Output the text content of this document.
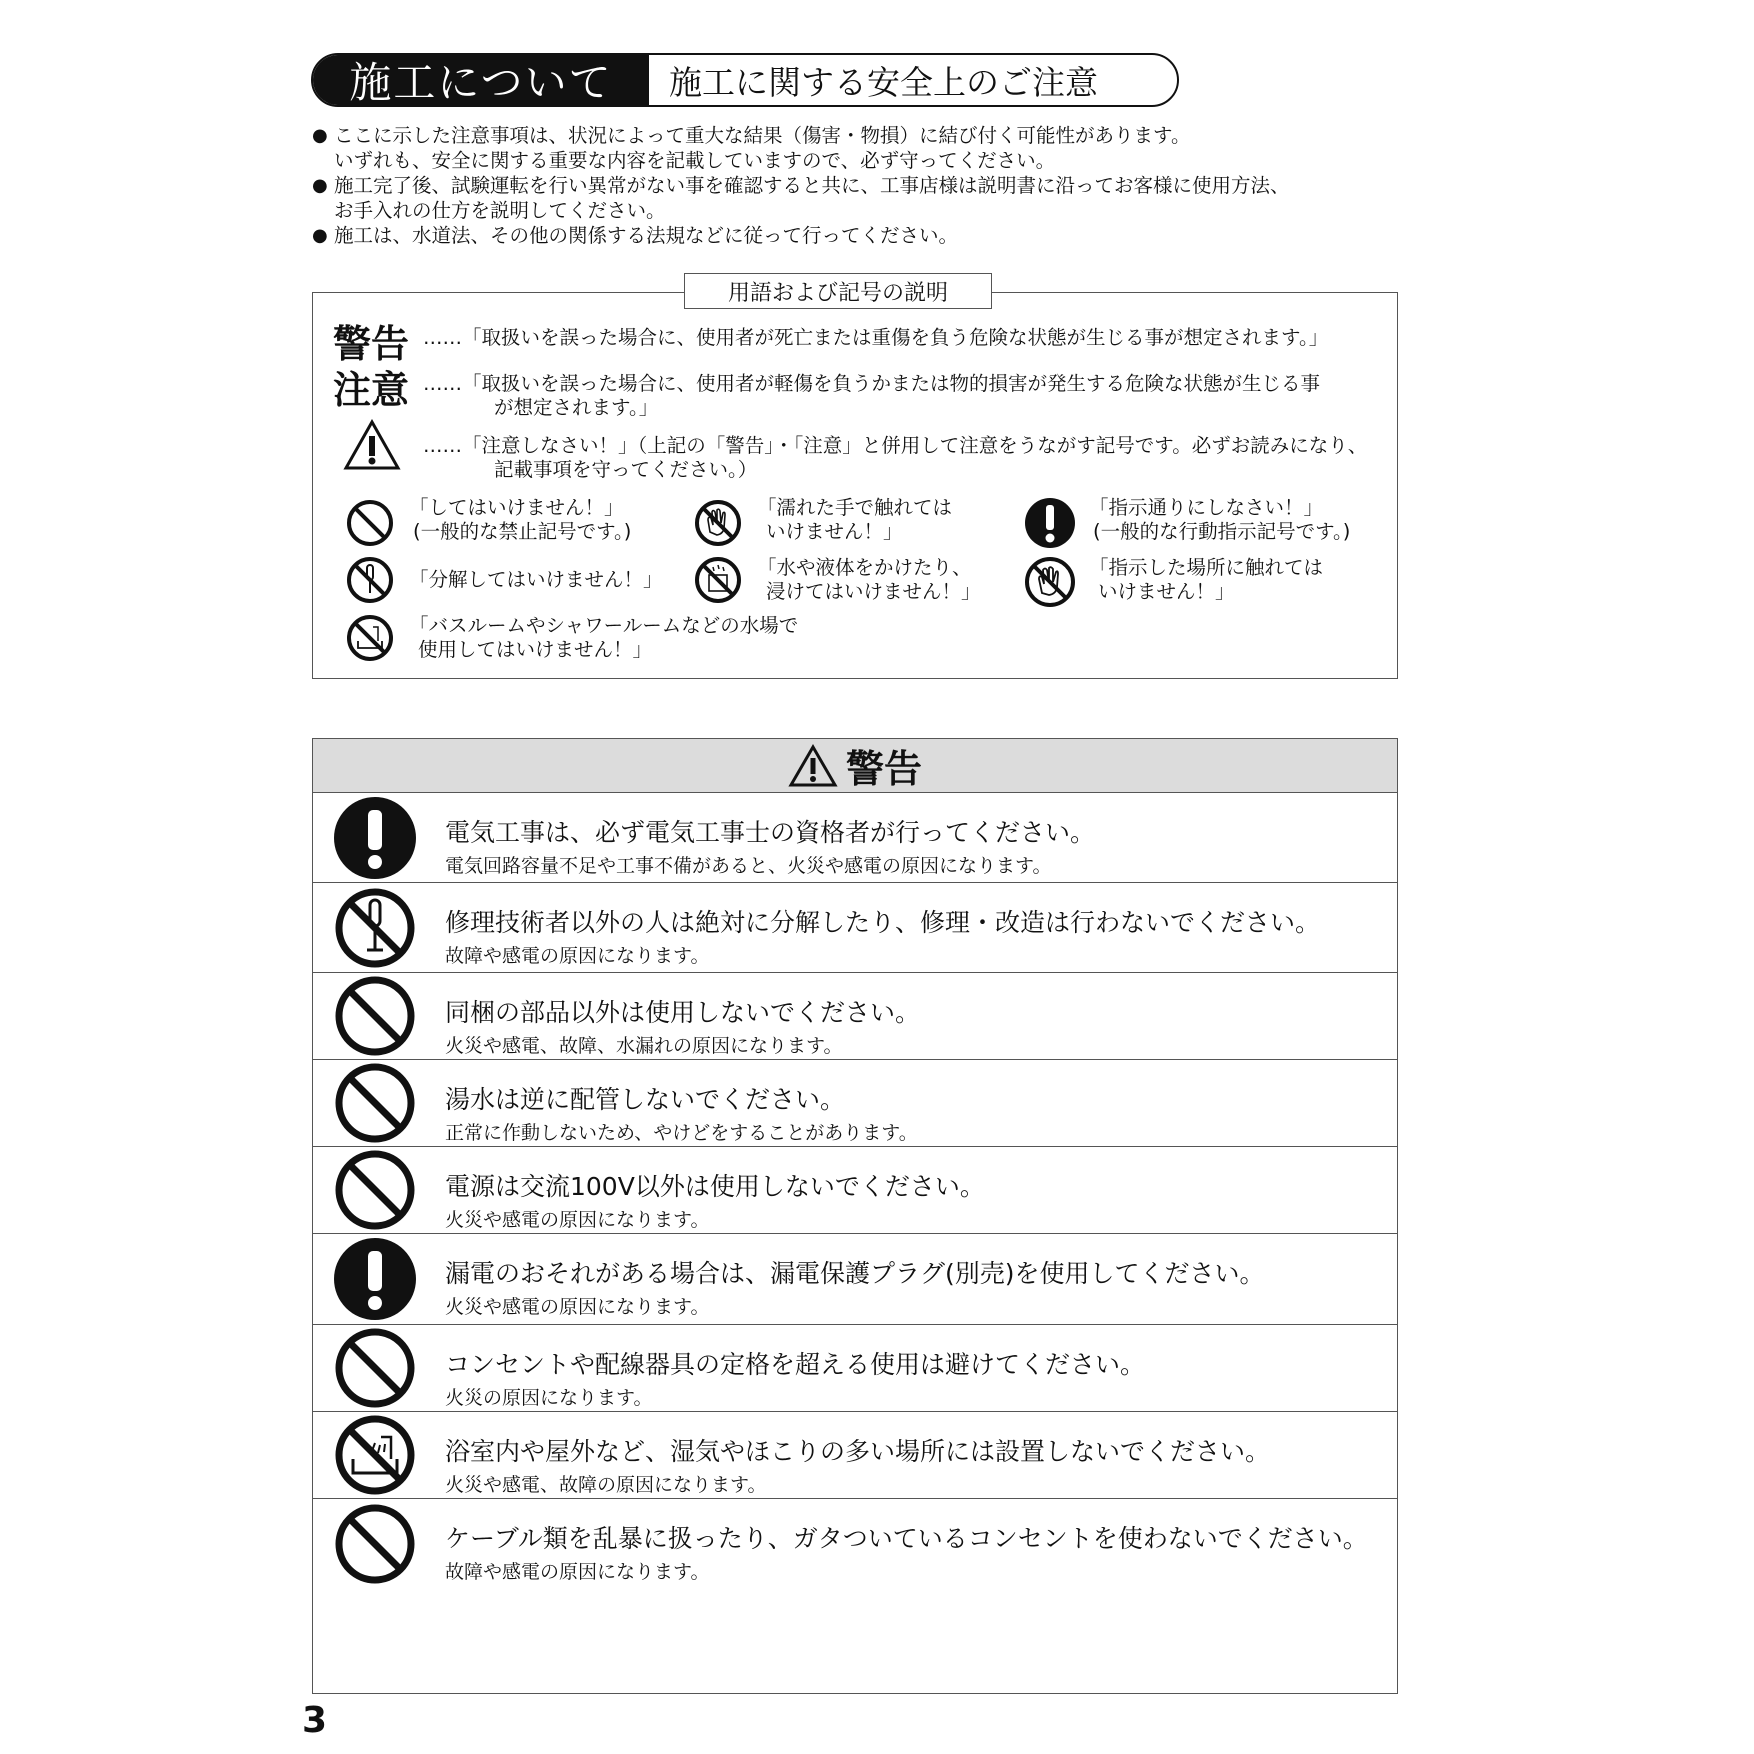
施工について	施工に関する安全上のご注意
● ここに示した注意事項は、状況によって重大な結果（傷害・物損）に結び付く可能性があります。
いずれも、安全に関する重要な内容を記載していますので、必ず守ってください。
● 施工完了後、試験運転を行い異常がない事を確認すると共に、工事店様は説明書に沿ってお客様に使用方法、
お手入れの仕方を説明してください。
● 施工は、水道法、その他の関係する法規などに従って行ってください。
用語および記号の説明
警告 ……「取扱いを誤った場合に、使用者が死亡または重傷を負う危険な状態が生じる事が想定されます。」
注意 ……「取扱いを誤った場合に、使用者が軽傷を負うかまたは物的損害が発生する危険な状態が生じる事
が想定されます。」
……「注意しなさい！」（上記の「警告」・「注意」と併用して注意をうながす記号です。必ずお読みになり、
記載事項を守ってください。）
「してはいけません！」
(一般的な禁止記号です。)
「濡れた手で触れては
いけません！」
「指示通りにしなさい！」
(一般的な行動指示記号です。)
「分解してはいけません！」
「水や液体をかけたり、
浸けてはいけません！」
「指示した場所に触れては
いけません！」
「バスルームやシャワールームなどの水場で
使用してはいけません！」
警告
電気工事は、必ず電気工事士の資格者が行ってください。
電気回路容量不足や工事不備があると、火災や感電の原因になります。
修理技術者以外の人は絶対に分解したり、修理・改造は行わないでください。
故障や感電の原因になります。
同梱の部品以外は使用しないでください。
火災や感電、故障、水漏れの原因になります。
湯水は逆に配管しないでください。
正常に作動しないため、やけどをすることがあります。
電源は交流100V以外は使用しないでください。
火災や感電の原因になります。
漏電のおそれがある場合は、漏電保護プラグ(別売)を使用してください。
火災や感電の原因になります。
コンセントや配線器具の定格を超える使用は避けてください。
火災の原因になります。
浴室内や屋外など、湿気やほこりの多い場所には設置しないでください。
火災や感電、故障の原因になります。
ケーブル類を乱暴に扱ったり、ガタついているコンセントを使わないでください。
故障や感電の原因になります。
3
